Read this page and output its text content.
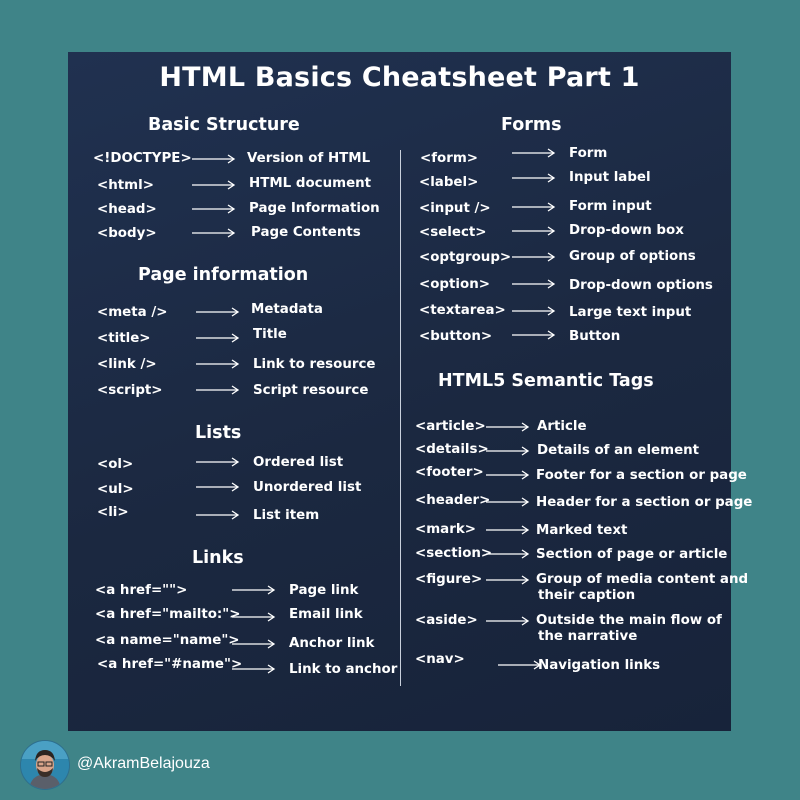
HTML Basics Cheatsheet Part 1
Basic Structure
<!DOCTYPE>	Version of HTML
<html>	HTML document
<head>	Page Information
<body>	Page Contents
Page information
<meta />	Metadata
<title>	Title
<link />	Link to resource
<script>	Script resource
Lists
<ol>	Ordered list
<ul>	Unordered list
<li>	List item
Links
<a href="">	Page link
<a href="mailto:">	Email link
<a name="name">	Anchor link
<a href="#name">	Link to anchor
Forms
<form>	Form
<label>	Input label
<input />	Form input
<select>	Drop-down box
<optgroup>	Group of options
<option>	Drop-down options
<textarea>	Large text input
<button>	Button
HTML5 Semantic Tags
<article>	Article
<details>	Details of an element
<footer>	Footer for a section or page
<header>	Header for a section or page
<mark>	Marked text
<section>	Section of page or article
<figure>	Group of media content and
their caption
<aside>	Outside the main flow of
the narrative
<nav>	Navigation links
@AkramBelajouza
